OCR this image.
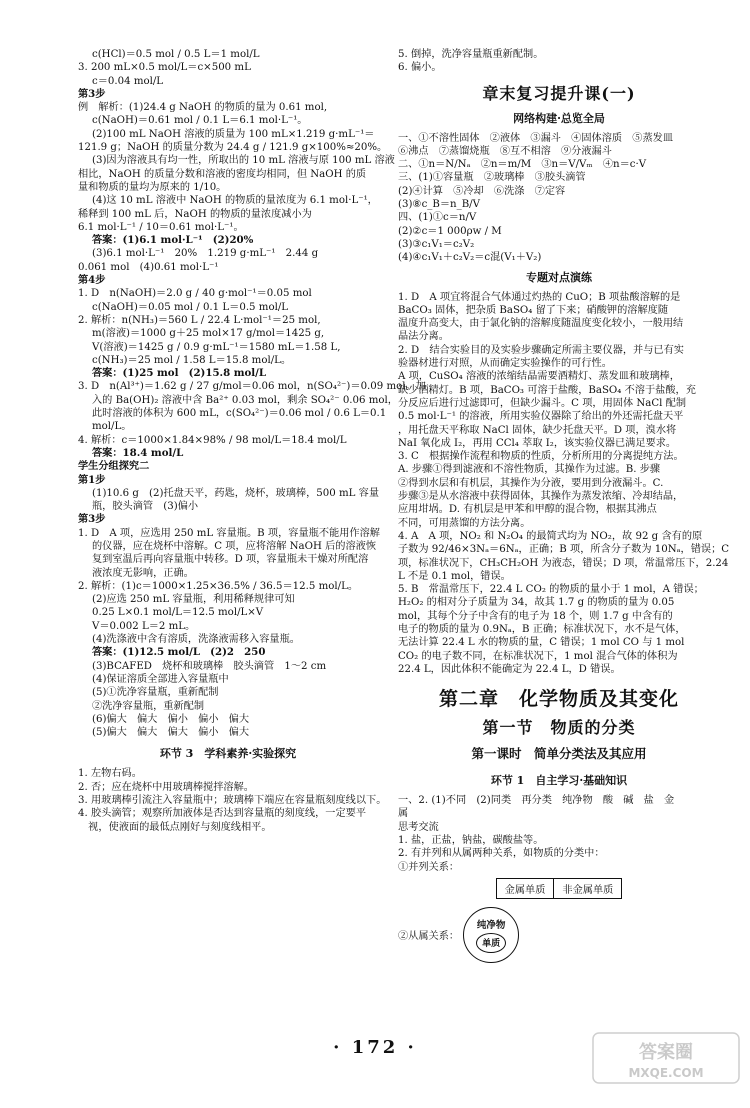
c(HCl)＝0.5 mol / 0.5 L＝1 mol/L
3. 200 mL×0.5 mol/L＝c×500 mL
c＝0.04 mol/L
第3步
例　解析：(1)24.4 g NaOH 的物质的量为 0.61 mol,
c(NaOH)＝0.61 mol / 0.1 L＝6.1 mol·L⁻¹。
(2)100 mL NaOH 溶液的质量为 100 mL×1.219 g·mL⁻¹＝
121.9 g；NaOH 的质量分数为 24.4 g / 121.9 g×100%≈20%。
(3)因为溶液具有均一性，所取出的 10 mL 溶液与原 100 mL 溶液
相比，NaOH 的质量分数和溶液的密度均相同，但 NaOH 的质
量和物质的量均为原来的 1/10。
(4)这 10 mL 溶液中 NaOH 的物质的量浓度为 6.1 mol·L⁻¹，
稀释到 100 mL 后，NaOH 的物质的量浓度减小为
6.1 mol·L⁻¹ / 10＝0.61 mol·L⁻¹。
答案：(1)6.1 mol·L⁻¹　(2)20%
(3)6.1 mol·L⁻¹　20%　1.219 g·mL⁻¹　2.44 g
0.061 mol　(4)0.61 mol·L⁻¹
第4步
1. D　n(NaOH)＝2.0 g / 40 g·mol⁻¹＝0.05 mol
c(NaOH)＝0.05 mol / 0.1 L＝0.5 mol/L
2. 解析：n(NH₃)＝560 L / 22.4 L·mol⁻¹＝25 mol,
m(溶液)＝1000 g＋25 mol×17 g/mol＝1425 g,
V(溶液)＝1425 g / 0.9 g·mL⁻¹＝1580 mL＝1.58 L,
c(NH₃)＝25 mol / 1.58 L＝15.8 mol/L。
答案：(1)25 mol　(2)15.8 mol/L
3. D　n(Al³⁺)＝1.62 g / 27 g/mol＝0.06 mol，n(SO₄²⁻)＝0.09 mol。加
入的 Ba(OH)₂ 溶液中含 Ba²⁺ 0.03 mol，剩余 SO₄²⁻ 0.06 mol，
此时溶液的体积为 600 mL，c(SO₄²⁻)＝0.06 mol / 0.6 L＝0.1
mol/L。
4. 解析：c＝1000×1.84×98% / 98 mol/L＝18.4 mol/L
答案：18.4 mol/L
学生分组探究二
第1步
(1)10.6 g　(2)托盘天平，药匙，烧杯，玻璃棒，500 mL 容量
瓶，胶头滴管　(3)偏小
第3步
1. D　A 项，应选用 250 mL 容量瓶。B 项，容量瓶不能用作溶解
的仪器，应在烧杯中溶解。C 项，应将溶解 NaOH 后的溶液恢
复到室温后再向容量瓶中转移。D 项，容量瓶未干燥对所配溶
液浓度无影响，正确。
2. 解析：(1)c＝1000×1.25×36.5% / 36.5＝12.5 mol/L。
(2)应选 250 mL 容量瓶，利用稀释规律可知
0.25 L×0.1 mol/L＝12.5 mol/L×V
V＝0.002 L＝2 mL。
(4)洗涤液中含有溶质，洗涤液需移入容量瓶。
答案：(1)12.5 mol/L　(2)2　250
(3)BCAFED　烧杯和玻璃棒　胶头滴管　1～2 cm
(4)保证溶质全部进入容量瓶中
(5)①洗净容量瓶，重新配制
②洗净容量瓶，重新配制
(6)偏大　偏大　偏小　偏小　偏大
(5)偏大　偏大　偏大　偏小　偏大
环节 3　学科素养·实验探究
1. 左物右码。
2. 否；应在烧杯中用玻璃棒搅拌溶解。
3. 用玻璃棒引流注入容量瓶中；玻璃棒下端应在容量瓶刻度线以下。
4. 胶头滴管；观察所加液体是否达到容量瓶的刻度线，一定要平
　视，使液面的最低点刚好与刻度线相平。
5. 倒掉，洗净容量瓶重新配制。
6. 偏小。
章末复习提升课(一)
网络构建·总览全局
一、①不溶性固体　②液体　③漏斗　④固体溶质　⑤蒸发皿
⑥沸点　⑦蒸馏烧瓶　⑧互不相溶　⑨分液漏斗
二、①n＝N/Nₐ　②n＝m/M　③n＝V/Vₘ　④n＝c·V
三、(1)①容量瓶　②玻璃棒　③胶头滴管
(2)④计算　⑤冷却　⑥洗涤　⑦定容
(3)⑧c_B＝n_B/V
四、(1)①c＝n/V
(2)②c＝1 000ρw / M
(3)③c₁V₁＝c₂V₂
(4)④c₁V₁＋c₂V₂＝c混(V₁＋V₂)
专题对点演练
1. D　A 项宜将混合气体通过灼热的 CuO；B 项盐酸溶解的是
BaCO₃ 固体，把杂质 BaSO₄ 留了下来；硝酸钾的溶解度随
温度升高变大，由于氯化钠的溶解度随温度变化较小，一般用结
晶法分离。
2. D　结合实验目的及实验步骤确定所需主要仪器，并与已有实
验器材进行对照，从而确定实验操作的可行性。
A 项，CuSO₄ 溶液的浓缩结晶需要酒精灯、蒸发皿和玻璃棒，
缺少酒精灯。B 项，BaCO₃ 可溶于盐酸，BaSO₄ 不溶于盐酸，充
分反应后进行过滤即可，但缺少漏斗。C 项，用固体 NaCl 配制
0.5 mol·L⁻¹ 的溶液，所用实验仪器除了给出的外还需托盘天平
，用托盘天平称取 NaCl 固体，缺少托盘天平。D 项，溴水将
NaI 氧化成 I₂，再用 CCl₄ 萃取 I₂，该实验仪器已满足要求。
3. C　根据操作流程和物质的性质，分析所用的分离提纯方法。
A. 步骤①得到滤液和不溶性物质，其操作为过滤。B. 步骤
②得到水层和有机层，其操作为分液，要用到分液漏斗。C.
步骤③是从水溶液中获得固体，其操作为蒸发浓缩、冷却结晶，
应用坩埚。D. 有机层是甲苯和甲醇的混合物，根据其沸点
不同，可用蒸馏的方法分离。
4. A　A 项，NO₂ 和 N₂O₄ 的最简式均为 NO₂，故 92 g 含有的原
子数为 92/46×3Nₐ＝6Nₐ，正确；B 项，所含分子数为 10Nₐ，错误；C
项，标准状况下，CH₃CH₂OH 为液态，错误；D 项，常温常压下，2.24
L 不是 0.1 mol，错误。
5. B　常温常压下，22.4 L CO₂ 的物质的量小于 1 mol，A 错误；
H₂O₂ 的相对分子质量为 34，故其 1.7 g 的物质的量为 0.05
mol，其每个分子中含有的电子为 18 个，则 1.7 g 中含有的
电子的物质的量为 0.9Nₐ，B 正确；标准状况下，水不是气体，
无法计算 22.4 L 水的物质的量，C 错误；1 mol CO 与 1 mol
CO₂ 的电子数不同，在标准状况下，1 mol 混合气体的体积为
22.4 L，因此体积不能确定为 22.4 L，D 错误。
第二章　化学物质及其变化
第一节　物质的分类
第一课时　简单分类法及其应用
环节 1　自主学习·基础知识
一、2. (1)不同　(2)同类　再分类　纯净物　酸　碱　盐　金
属
思考交流
1. 盐，正盐，钠盐，碳酸盐等。
2. 有并列和从属两种关系，如物质的分类中：
①并列关系：
金属单质	非金属单质
②从属关系：
纯净物
单质
· 172 ·	答案圈
MXQE.COM
